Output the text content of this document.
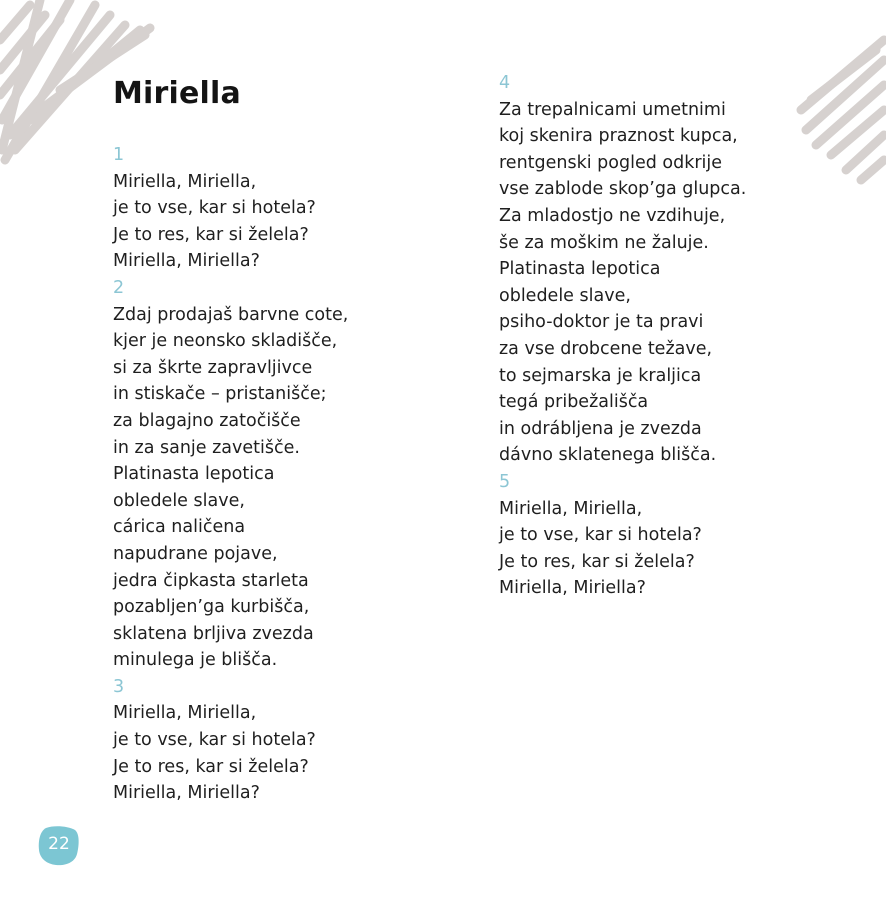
Miriella
1
Miriella, Miriella,
je to vse, kar si hotela?
Je to res, kar si želela?
Miriella, Miriella?
2
Zdaj prodajaš barvne cote,
kjer je neonsko skladišče,
si za škrte zapravljivce
in stiskače – pristanišče;
za blagajno zatočišče
in za sanje zavetišče.
Platinasta lepotica
obledele slave,
cárica naličena
napudrane pojave,
jedra čipkasta starleta
pozabljen’ga kurbišča,
sklatena brljiva zvezda
minulega je blišča.
3
Miriella, Miriella,
je to vse, kar si hotela?
Je to res, kar si želela?
Miriella, Miriella?
4
Za trepalnicami umetnimi
koj skenira praznost kupca,
rentgenski pogled odkrije
vse zablode skop’ga glupca.
Za mladostjo ne vzdihuje,
še za moškim ne žaluje.
Platinasta lepotica
obledele slave,
psiho-doktor je ta pravi
za vse drobcene težave,
to sejmarska je kraljica
tegá pribežališča
in odrábljena je zvezda
dávno sklatenega blišča.
5
Miriella, Miriella,
je to vse, kar si hotela?
Je to res, kar si želela?
Miriella, Miriella?
22
